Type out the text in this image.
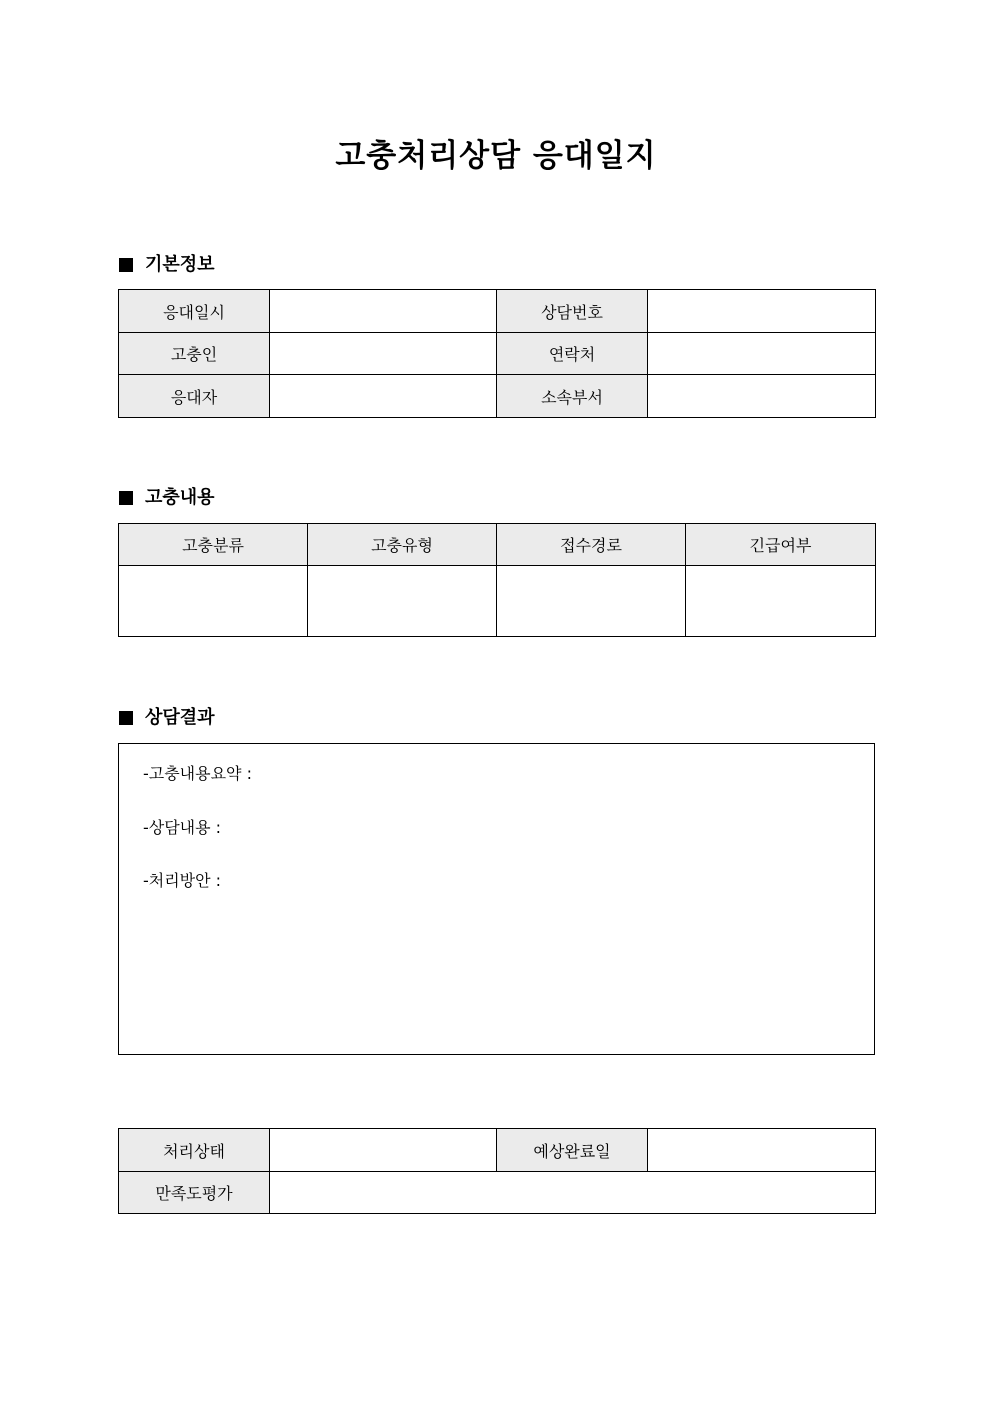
고충처리상담 응대일지
기본정보
응대일시		상담번호	
고충인		연락처	
응대자		소속부서	
고충내용
고충분류	고충유형	접수경로	긴급여부

상담결과
-고충내용요약 :
-상담내용 :
-처리방안 :
처리상태		예상완료일	
만족도평가			
